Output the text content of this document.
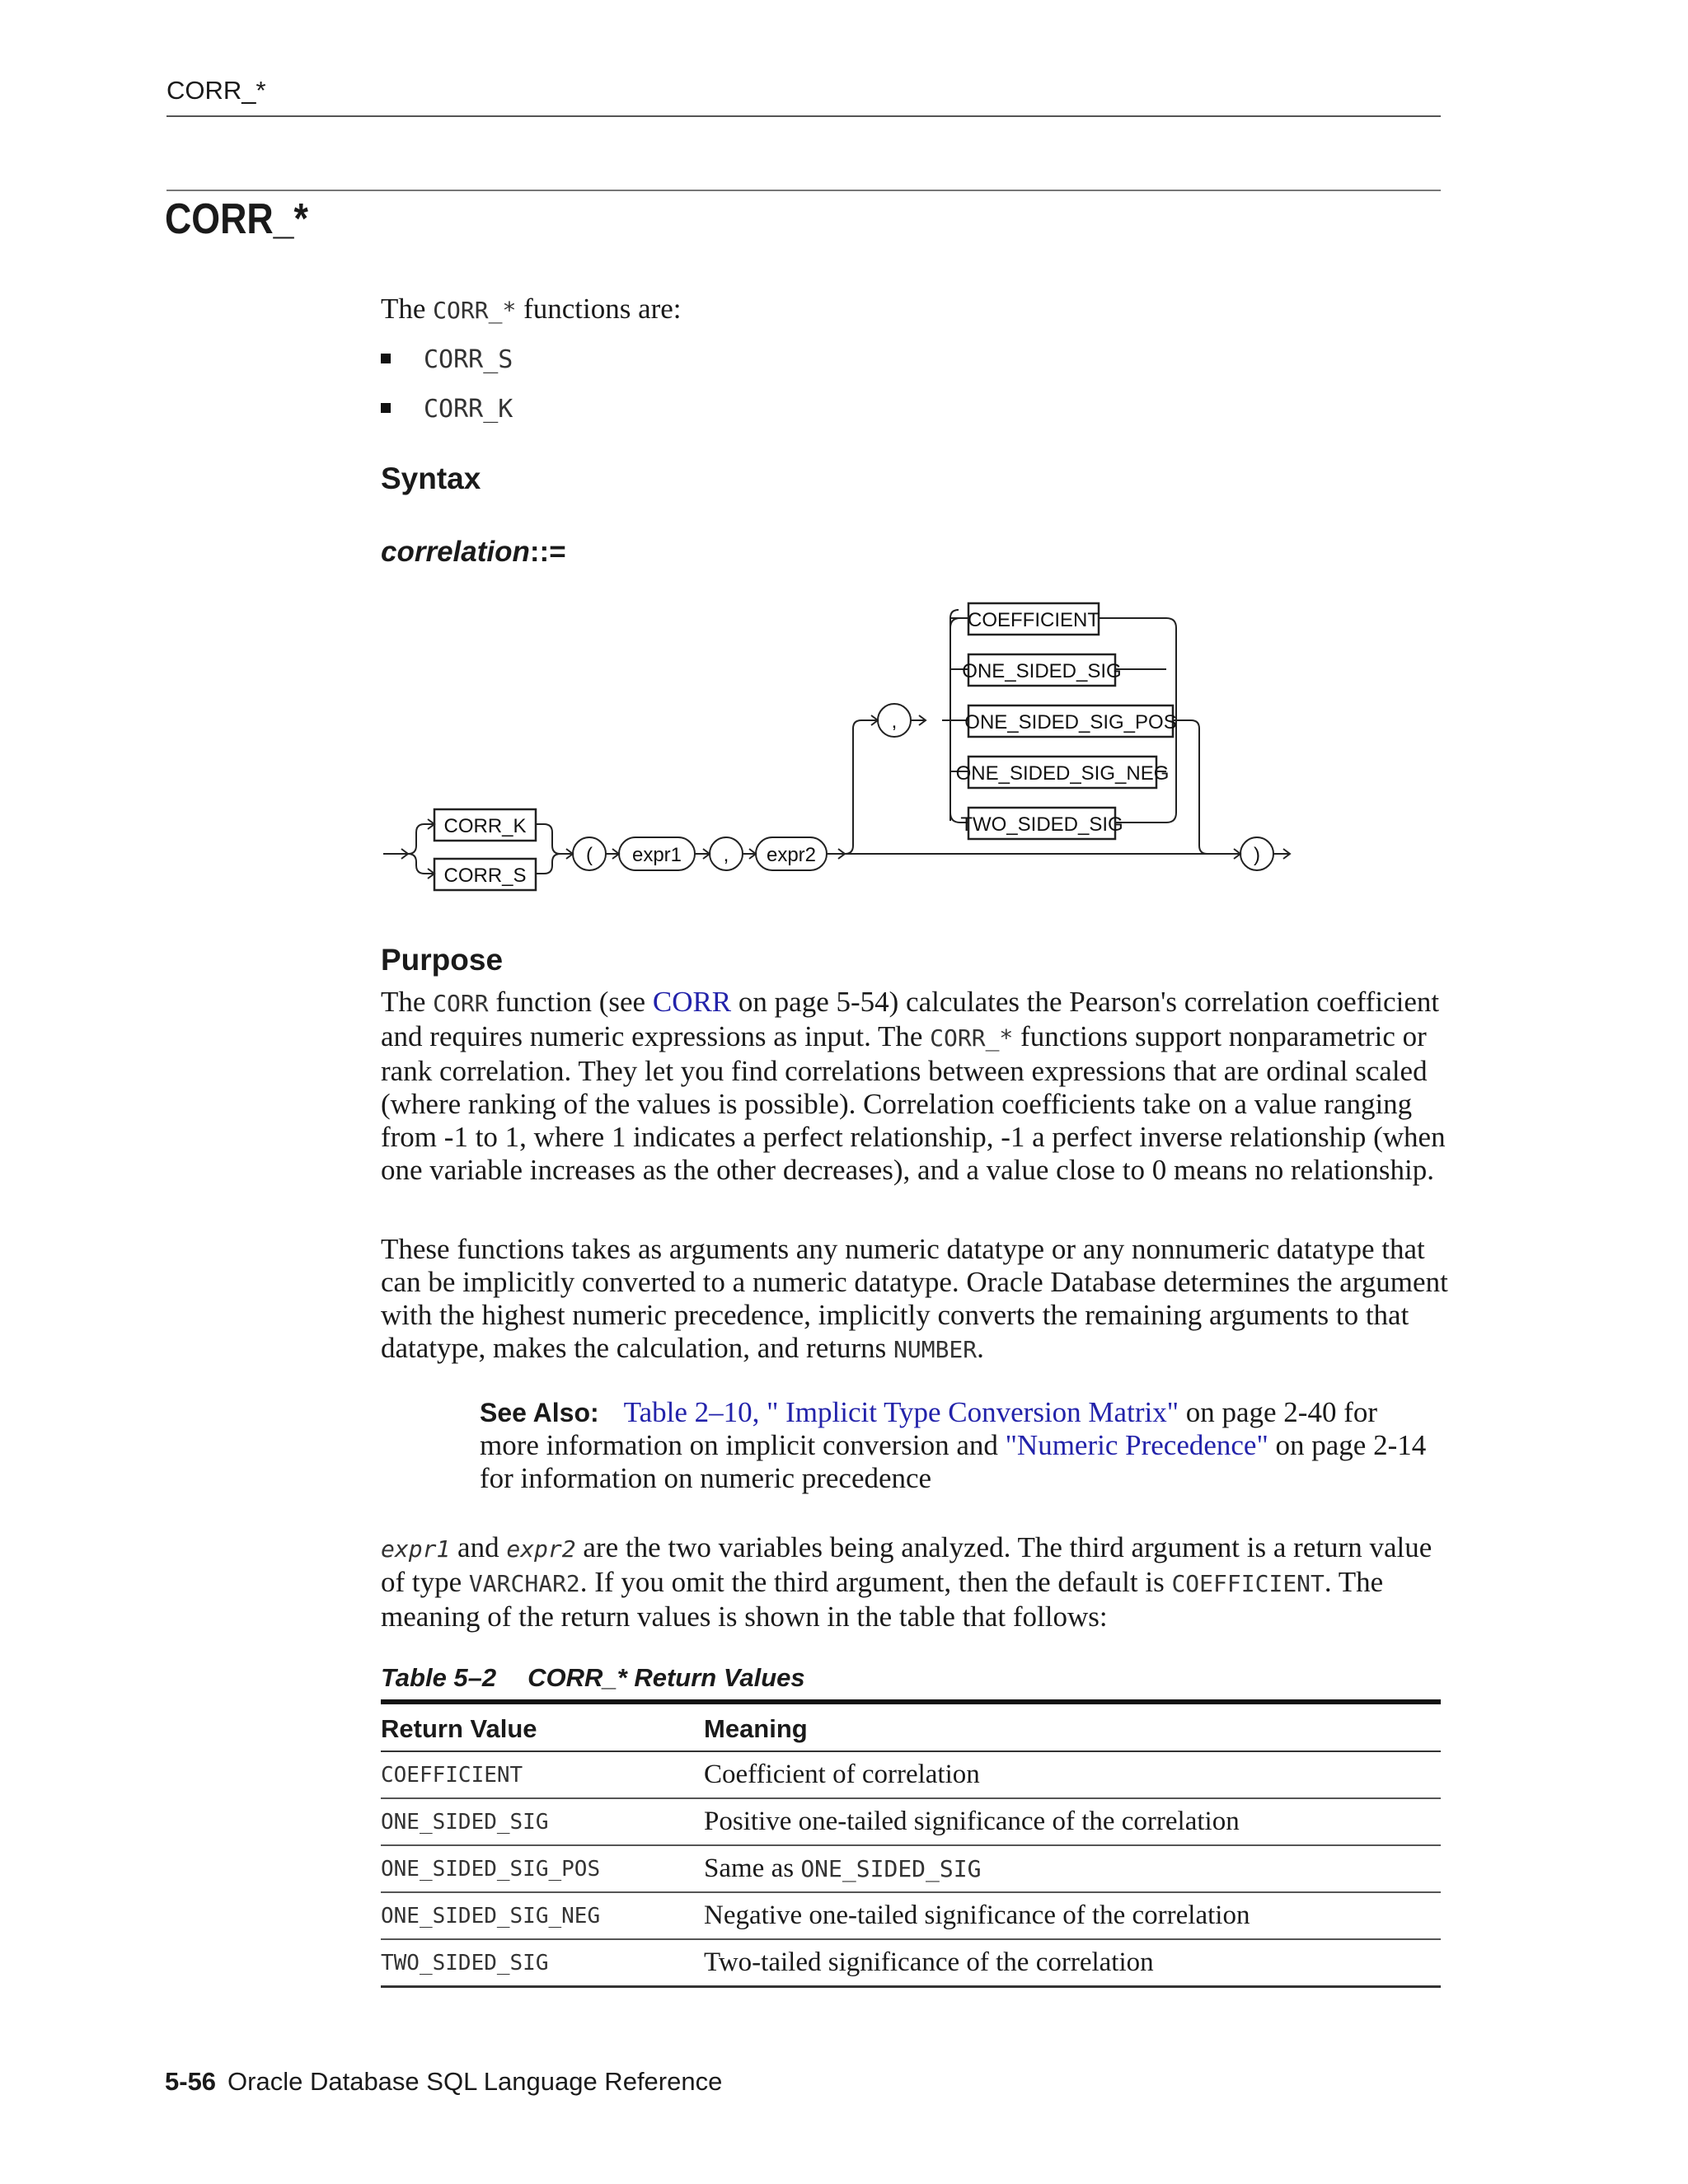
CORR_*
CORR_*
The CORR_* functions are:
CORR_S
CORR_K
Syntax
correlation::=
CORR_K
CORR_S
( expr1 , expr2
,
COEFFICIENT
ONE_SIDED_SIG
ONE_SIDED_SIG_POS
ONE_SIDED_SIG_NEG
TWO_SIDED_SIG
)
Purpose
The CORR function (see CORR on page 5-54) calculates the Pearson's correlation coefficient and requires numeric expressions as input. The CORR_* functions support nonparametric or rank correlation. They let you find correlations between expressions that are ordinal scaled (where ranking of the values is possible). Correlation coefficients take on a value ranging from -1 to 1, where 1 indicates a perfect relationship, -1 a perfect inverse relationship (when one variable increases as the other decreases), and a value close to 0 means no relationship.
These functions takes as arguments any numeric datatype or any nonnumeric datatype that can be implicitly converted to a numeric datatype. Oracle Database determines the argument with the highest numeric precedence, implicitly converts the remaining arguments to that datatype, makes the calculation, and returns NUMBER.
See Also: Table 2–10, " Implicit Type Conversion Matrix" on page 2-40 for more information on implicit conversion and "Numeric Precedence" on page 2-14 for information on numeric precedence
expr1 and expr2 are the two variables being analyzed. The third argument is a return value of type VARCHAR2. If you omit the third argument, then the default is COEFFICIENT. The meaning of the return values is shown in the table that follows:
Table 5–2 CORR_* Return Values
Return Value	Meaning
COEFFICIENT	Coefficient of correlation
ONE_SIDED_SIG	Positive one-tailed significance of the correlation
ONE_SIDED_SIG_POS	Same as ONE_SIDED_SIG
ONE_SIDED_SIG_NEG	Negative one-tailed significance of the correlation
TWO_SIDED_SIG	Two-tailed significance of the correlation
5-56 Oracle Database SQL Language Reference
